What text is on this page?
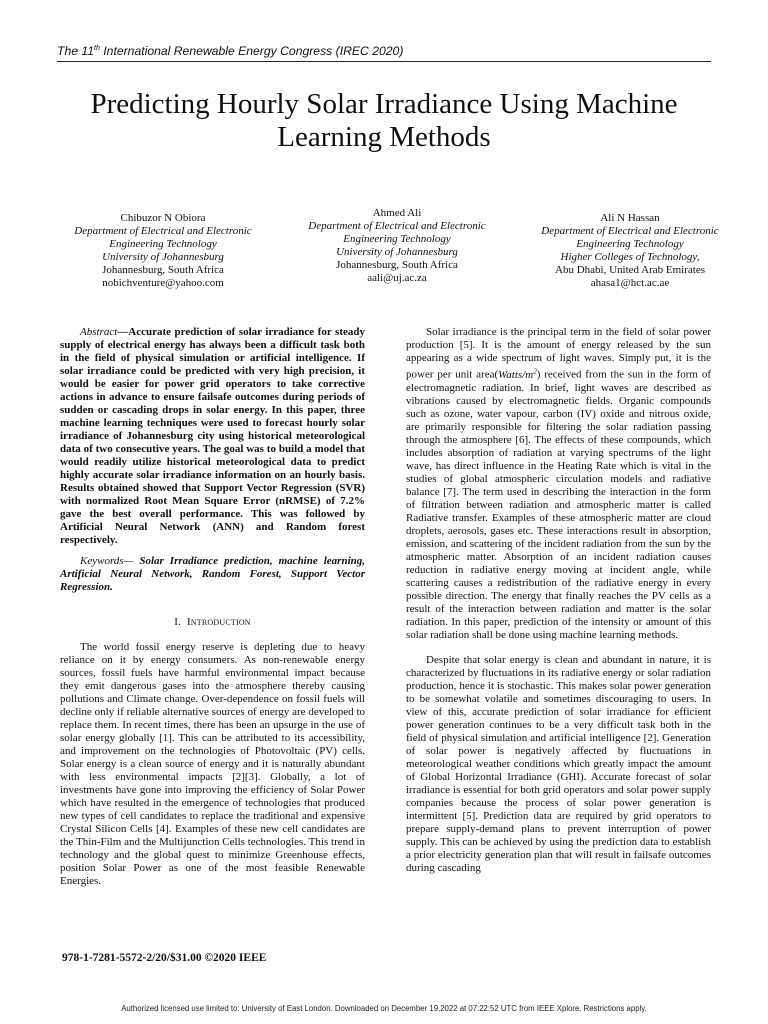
The 11th International Renewable Energy Congress (IREC 2020)
Predicting Hourly Solar Irradiance Using Machine Learning Methods
Chibuzor N Obiora
Department of Electrical and Electronic Engineering Technology
University of Johannesburg
Johannesburg, South Africa
nobichventure@yahoo.com
Ahmed Ali
Department of Electrical and Electronic Engineering Technology
University of Johannesburg
Johannesburg, South Africa
aali@uj.ac.za
Ali N Hassan
Department of Electrical and Electronic Engineering Technology
Higher Colleges of Technology,
Abu Dhabi, United Arab Emirates
ahasa1@hct.ac.ae

Abstract—Accurate prediction of solar irradiance for steady supply of electrical energy has always been a difficult task both in the field of physical simulation or artificial intelligence. If solar irradiance could be predicted with very high precision, it would be easier for power grid operators to take corrective actions in advance to ensure failsafe outcomes during periods of sudden or cascading drops in solar energy. In this paper, three machine learning techniques were used to forecast hourly solar irradiance of Johannesburg city using historical meteorological data of two consecutive years. The goal was to build a model that would readily utilize historical meteorological data to predict highly accurate solar irradiance information on an hourly basis. Results obtained showed that Support Vector Regression (SVR) with normalized Root Mean Square Error (nRMSE) of 7.2% gave the best overall performance. This was followed by Artificial Neural Network (ANN) and Random forest respectively.

Keywords— Solar Irradiance prediction, machine learning, Artificial Neural Network, Random Forest, Support Vector Regression.

I. Introduction

The world fossil energy reserve is depleting due to heavy reliance on it by energy consumers. As non-renewable energy sources, fossil fuels have harmful environmental impact because they emit dangerous gases into the atmosphere thereby causing pollutions and Climate change. Over-dependence on fossil fuels will decline only if reliable alternative sources of energy are developed to replace them. In recent times, there has been an upsurge in the use of solar energy globally [1]. This can be attributed to its accessibility, and improvement on the technologies of Photovoltaic (PV) cells. Solar energy is a clean source of energy and it is naturally abundant with less environmental impacts [2][3]. Globally, a lot of investments have gone into improving the efficiency of Solar Power which have resulted in the emergence of technologies that produced new types of cell candidates to replace the traditional and expensive Crystal Silicon Cells [4]. Examples of these new cell candidates are the Thin-Film and the Multijunction Cells technologies. This trend in technology and the global quest to minimize Greenhouse effects, position Solar Power as one of the most feasible Renewable Energies.

Solar irradiance is the principal term in the field of solar power production [5]. It is the amount of energy released by the sun appearing as a wide spectrum of light waves. Simply put, it is the power per unit $area(Watts/m^2)$ received from the sun in the form of electromagnetic radiation. In brief, light waves are described as vibrations caused by electromagnetic fields. Organic compounds such as ozone, water vapour, carbon (IV) oxide and nitrous oxide, are primarily responsible for filtering the solar radiation passing through the atmosphere [6]. The effects of these compounds, which includes absorption of radiation at varying spectrums of the light wave, has direct influence in the Heating Rate which is vital in the studies of global atmospheric circulation models and radiative balance [7]. The term used in describing the interaction in the form of filtration between radiation and atmospheric matter is called Radiative transfer. Examples of these atmospheric matter are cloud droplets, aerosols, gases etc. These interactions result in absorption, emission, and scattering of the incident radiation from the sun by the atmospheric matter. Absorption of an incident radiation causes reduction in radiative energy moving at incident angle, while scattering causes a redistribution of the radiative energy in every possible direction. The energy that finally reaches the PV cells as a result of the interaction between radiation and matter is the solar radiation. In this paper, prediction of the intensity or amount of this solar radiation shall be done using machine learning methods.

Despite that solar energy is clean and abundant in nature, it is characterized by fluctuations in its radiative energy or solar radiation production, hence it is stochastic. This makes solar power generation to be somewhat volatile and sometimes discouraging to users. In view of this, accurate prediction of solar irradiance for efficient power generation continues to be a very difficult task both in the field of physical simulation and artificial intelligence [2]. Generation of solar power is negatively affected by fluctuations in meteorological weather conditions which greatly impact the amount of Global Horizontal Irradiance (GHI). Accurate forecast of solar irradiance is essential for both grid operators and solar power supply companies because the process of solar power generation is intermittent [5]. Prediction data are required by grid operators to prepare supply-demand plans to prevent interruption of power supply. This can be achieved by using the prediction data to establish a prior electricity generation plan that will result in failsafe outcomes during cascading

978-1-7281-5572-2/20/$31.00 ©2020 IEEE
Authorized licensed use limited to: University of East London. Downloaded on December 19,2022 at 07:22:52 UTC from IEEE Xplore. Restrictions apply.
